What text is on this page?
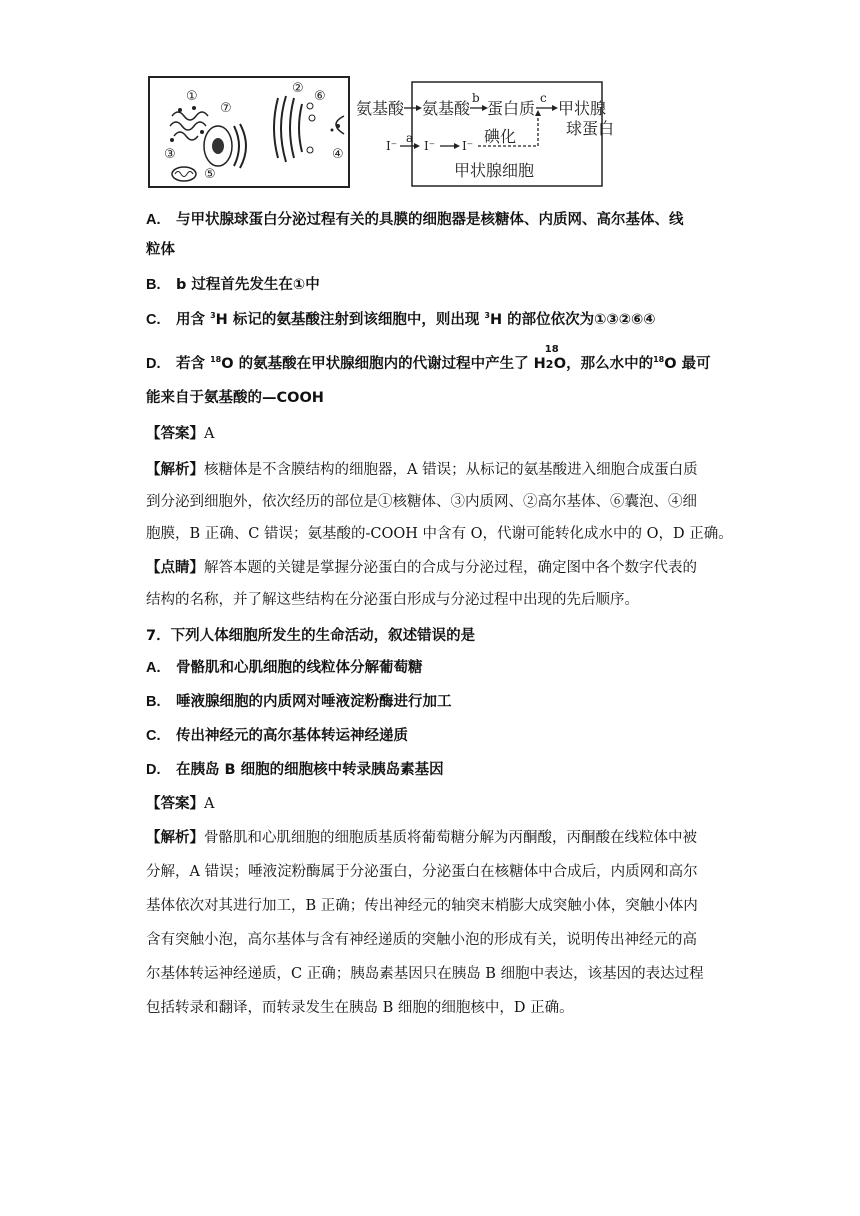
①
⑦
②
⑥
③	④
⑤
氨基酸 氨基酸
b
蛋白质
c
甲状腺
球蛋白
碘化
I⁻
a
I⁻ I⁻
甲状腺细胞
A. 与甲状腺球蛋白分泌过程有关的具膜的细胞器是核糖体、内质网、高尔基体、线
粒体
B. b 过程首先发生在①中
C. 用含 $^3$H 标记的氨基酸注射到该细胞中，则出现 $^3$H 的部位依次为①③②⑥④
D. 若含 $^{18}$O 的氨基酸在甲状腺细胞内的代谢过程中产生了 H
18
2O，那么水中的$^{18}$O 最可
能来自于氨基酸的—COOH
【答案】A
【解析】核糖体是不含膜结构的细胞器，A 错误；从标记的氨基酸进入细胞合成蛋白质
到分泌到细胞外，依次经历的部位是①核糖体、③内质网、②高尔基体、⑥囊泡、④细
胞膜，B 正确、C 错误；氨基酸的-COOH 中含有 O，代谢可能转化成水中的 O，D 正确。
【点睛】解答本题的关键是掌握分泌蛋白的合成与分泌过程，确定图中各个数字代表的
结构的名称，并了解这些结构在分泌蛋白形成与分泌过程中出现的先后顺序。
7．下列人体细胞所发生的生命活动，叙述错误的是
A. 骨骼肌和心肌细胞的线粒体分解葡萄糖
B. 唾液腺细胞的内质网对唾液淀粉酶进行加工
C. 传出神经元的高尔基体转运神经递质
D. 在胰岛 B 细胞的细胞核中转录胰岛素基因
【答案】A
【解析】骨骼肌和心肌细胞的细胞质基质将葡萄糖分解为丙酮酸，丙酮酸在线粒体中被
分解，A 错误；唾液淀粉酶属于分泌蛋白，分泌蛋白在核糖体中合成后，内质网和高尔
基体依次对其进行加工，B 正确；传出神经元的轴突末梢膨大成突触小体，突触小体内
含有突触小泡，高尔基体与含有神经递质的突触小泡的形成有关，说明传出神经元的高
尔基体转运神经递质，C 正确；胰岛素基因只在胰岛 B 细胞中表达，该基因的表达过程
包括转录和翻译，而转录发生在胰岛 B 细胞的细胞核中，D 正确。
